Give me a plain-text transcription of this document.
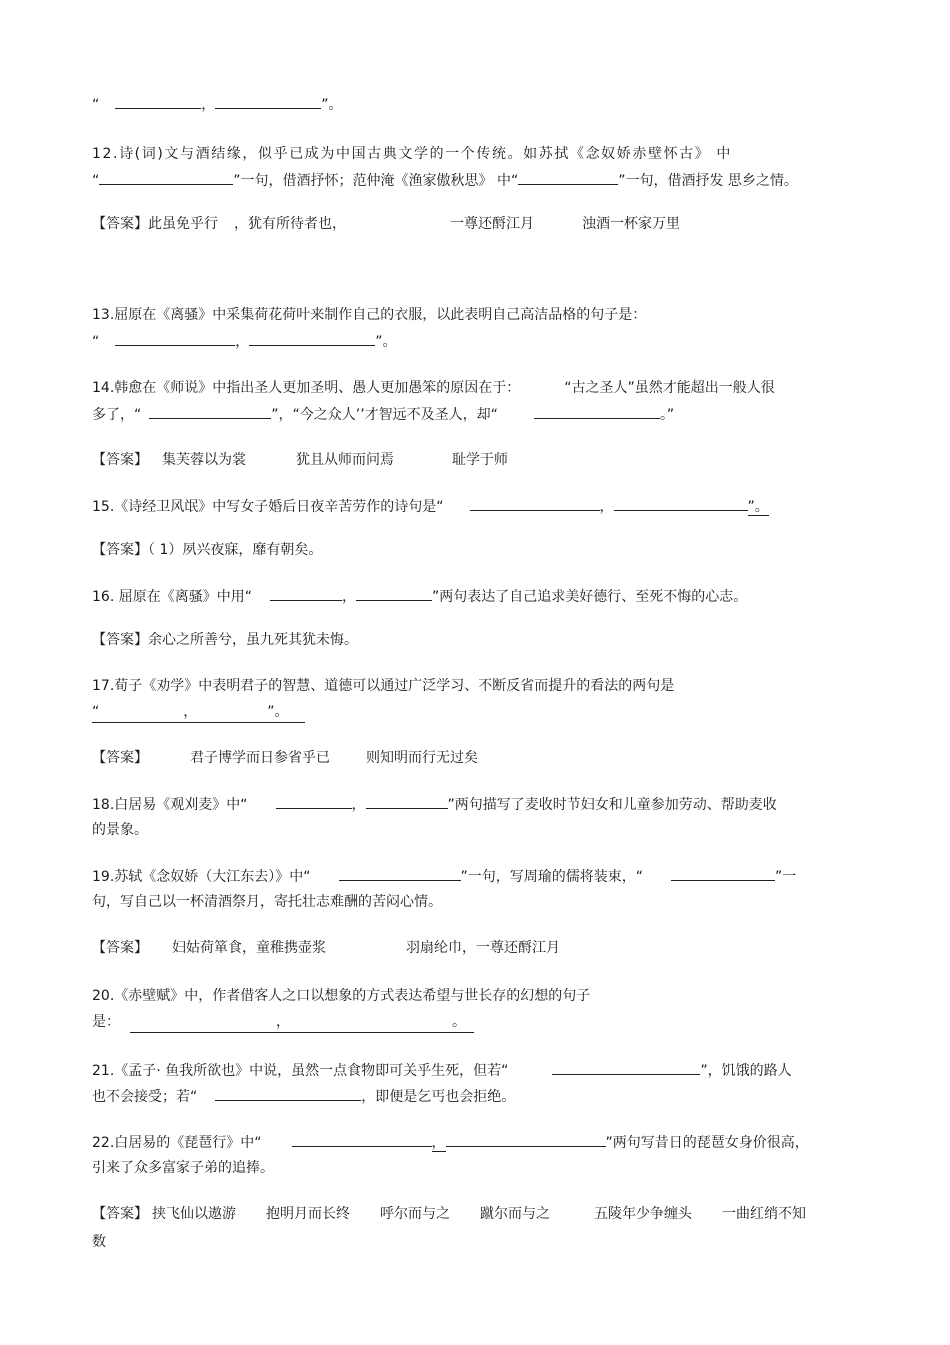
“	，	”。
12.诗(词)文与酒结缘，似乎已成为中国古典文学的一个传统。如苏拭《念奴娇赤壁怀古》 中
“	”一句，借酒抒怀；范仲淹《渔家傲秋思》 中“	”一句，借酒抒发 思乡之情。
【答案】此虽免乎行 ，犹有所待者也，	一尊还酹江月	浊酒一杯家万里
13.屈原在《离骚》中采集荷花荷叶来制作自己的衣服，以此表明自己高洁品格的句子是：
“	，	”。
14.韩愈在《师说》中指出圣人更加圣明、愚人更加愚笨的原因在于：	“古之圣人”虽然才能超出一般人很
多了，“	”，“今之众人’’才智远不及圣人，却“	。”
【答案】 集芙蓉以为裳	犹且从师而问焉	耻学于师
15.《诗经卫风氓》中写女子婚后日夜辛苦劳作的诗句是“	，	”。
【答案】（ 1）夙兴夜寐，靡有朝矣。
16. 屈原在《离骚》中用“	，	”两句表达了自己追求美好德行、至死不悔的心志。
【答案】余心之所善兮，虽九死其犹未悔。
17.荀子《劝学》中表明君子的智慧、道德可以通过广泛学习、不断反省而提升的看法的两句是
“	，	”。
【答案】	君子博学而日参省乎已	则知明而行无过矣
18.白居易《观刈麦》中“	，	”两句描写了麦收时节妇女和儿童参加劳动、帮助麦收
的景象。
19.苏轼《念奴娇（大江东去）》中“	”一句，写周瑜的儒将装束，“	”一
句，写自己以一杯清酒祭月，寄托壮志难酬的苦闷心情。
【答案】 妇姑荷箪食，童稚携壶浆	羽扇纶巾，一尊还酹江月
20.《赤壁赋》中，作者借客人之口以想象的方式表达希望与世长存的幻想的句子
是：	，	。
21.《孟子· 鱼我所欲也》中说，虽然一点食物即可关乎生死，但若“	”，饥饿的路人
也不会接受；若“	，即便是乞丐也会拒绝。
22.白居易的《琵琶行》中“	，	”两句写昔日的琵琶女身价很高，
引来了众多富家子弟的追捧。
【答案】 挟飞仙以遨游 抱明月而长终 呼尔而与之 蹴尔而与之	五陵年少争缠头 一曲红绡不知
数
